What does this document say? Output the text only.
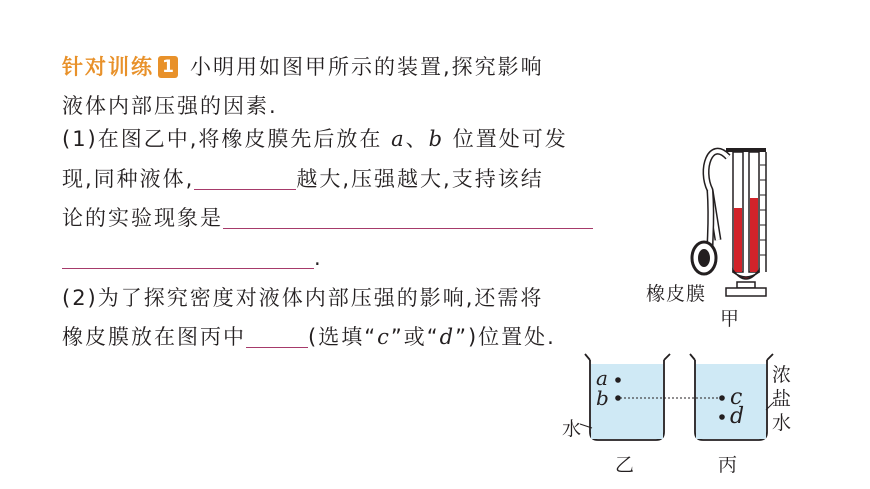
针对训练 1 小明用如图甲所示的装置,探究影响
液体内部压强的因素.
(1)在图乙中,将橡皮膜先后放在 a、b 位置处可发
现,同种液体,	越大,压强越大,支持该结
论的实验现象是
.
(2)为了探究密度对液体内部压强的影响,还需将
橡皮膜放在图丙中	(选填“c”或“d”)位置处.
橡皮膜
甲
a
b	c
d
水
乙	丙
浓
盐
水
